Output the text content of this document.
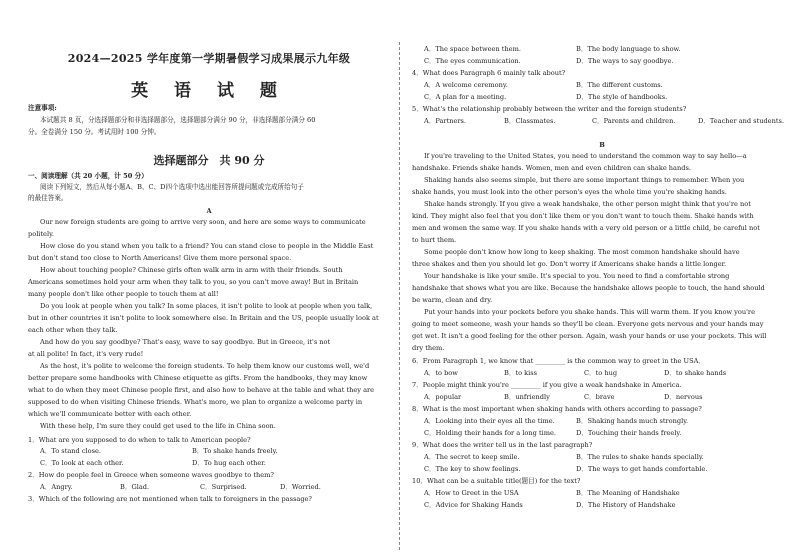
2024—2025 学年度第一学期暑假学习成果展示九年级
英 语 试 题
注意事项:
本试题共 8 页，分选择题部分和非选择题部分，选择题部分满分 90 分，非选择题部分满分 60
分。全卷满分 150 分。考试用时 100 分钟。
选择题部分　共 90 分
一、阅读理解（共 20 小题，计 50 分）
阅读下列短文，然后从每小题A、B、C、D四个选项中选出能回答所提问题或完成所给句子
的最佳答案。
A
Our new foreign students are going to arrive very soon, and here are some ways to communicate
politely.
How close do you stand when you talk to a friend? You can stand close to people in the Middle East
but don't stand too close to North Americans! Give them more personal space.
How about touching people? Chinese girls often walk arm in arm with their friends. South
Americans sometimes hold your arm when they talk to you, so you can't move away! But in Britain
many people don't like other people to touch them at all!
Do you look at people when you talk? In some places, it isn't polite to look at people when you talk,
but in other countries it isn't polite to look somewhere else. In Britain and the US, people usually look at
each other when they talk.
And how do you say goodbye? That's easy, wave to say goodbye. But in Greece, it's not
at all polite! In fact, it's very rude!
As the host, it's polite to welcome the foreign students. To help them know our customs well, we'd
better prepare some handbooks with Chinese etiquette as gifts. From the handbooks, they may know
what to do when they meet Chinese people first, and also how to behave at the table and what they are
supposed to do when visiting Chinese friends. What's more, we plan to organize a welcome party in
which we'll communicate better with each other.
With these help, I'm sure they could get used to the life in China soon.
1．What are you supposed to do when to talk to American people?
A．To stand close.	B．To shake hands freely.
C．To look at each other.	D．To hug each other.
2．How do people feel in Greece when someone waves goodbye to them?
A．Angry.	B．Glad.	C．Surprised.	D．Worried.
3．Which of the following are not mentioned when talk to foreigners in the passage?
A．The space between them.	B．The body language to show.
C．The eyes communication.	D．The ways to say goodbye.
4．What does Paragraph 6 mainly talk about?
A．A welcome ceremony.	B．The different customs.
C．A plan for a meeting.	D．The style of handbooks.
5．What's the relationship probably between the writer and the foreign students?
A．Partners.	B．Classmates.	C．Parents and children.	D．Teacher and students.
B
If you're traveling to the United States, you need to understand the common way to say hello—a
handshake. Friends shake hands. Women, men and even children can shake hands.
Shaking hands also seems simple, but there are some important things to remember. When you
shake hands, you must look into the other person's eyes the whole time you're shaking hands.
Shake hands strongly. If you give a weak handshake, the other person might think that you're not
kind. They might also feel that you don't like them or you don't want to touch them. Shake hands with
men and women the same way. If you shake hands with a very old person or a little child, be careful not
to hurt them.
Some people don't know how long to keep shaking. The most common handshake should have
three shakes and then you should let go. Don't worry if Americans shake hands a little longer.
Your handshake is like your smile. It's special to you. You need to find a comfortable strong
handshake that shows what you are like. Because the handshake allows people to touch, the hand should
be warm, clean and dry.
Put your hands into your pockets before you shake hands. This will warm them. If you know you're
going to meet someone, wash your hands so they'll be clean. Everyone gets nervous and your hands may
get wet. It isn't a good feeling for the other person. Again, wash your hands or use your pockets. This will
dry them.
6．From Paragraph 1, we know that _________ is the common way to greet in the USA．
A．to bow	B．to kiss	C．to hug	D．to shake hands
7．People might think you're _________ if you give a weak handshake in America.
A．popular	B．unfriendly	C．brave	D．nervous
8．What is the most important when shaking hands with others according to passage?
A．Looking into their eyes all the time.	B．Shaking hands much strongly.
C．Holding their hands for a long time.	D．Touching their hands freely.
9．What does the writer tell us in the last paragraph?
A．The secret to keep smile.	B．The rules to shake hands specially.
C．The key to show feelings.	D．The ways to get hands comfortable.
10．What can be a suitable title(题目) for the text?
A．How to Greet in the USA	B．The Meaning of Handshake
C．Advice for Shaking Hands	D．The History of Handshake
